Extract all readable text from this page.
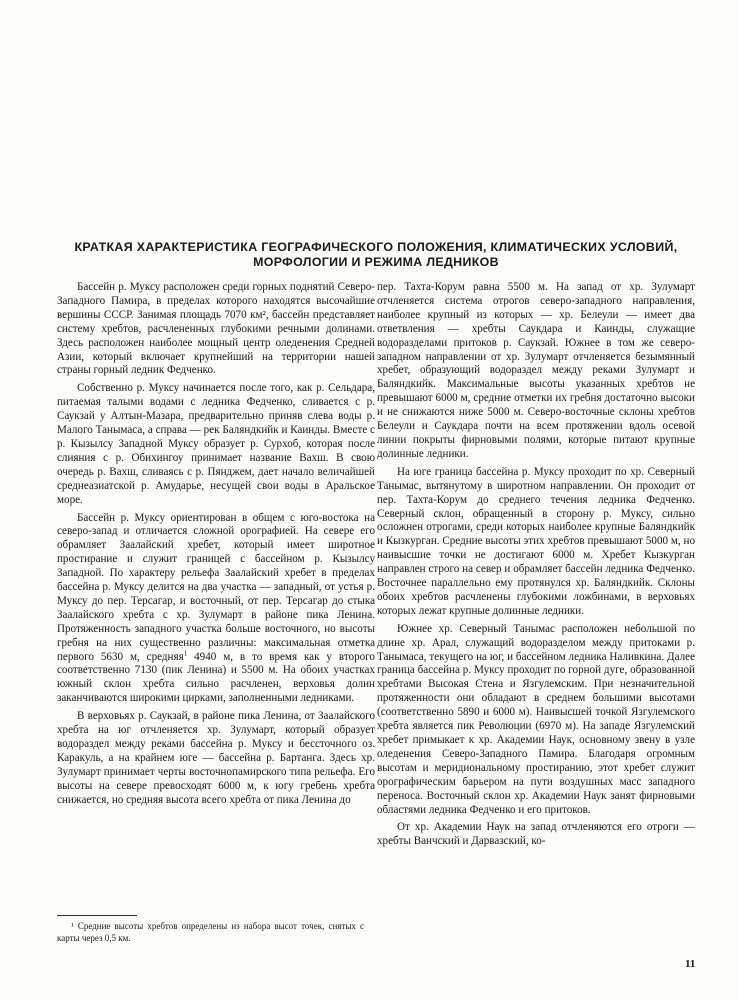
КРАТКАЯ ХАРАКТЕРИСТИКА ГЕОГРАФИЧЕСКОГО ПОЛОЖЕНИЯ, КЛИМАТИЧЕСКИХ УСЛОВИЙ, МОРФОЛОГИИ И РЕЖИМА ЛЕДНИКОВ

Бассейн р. Муксу расположен среди горных поднятий Северо-Западного Памира, в пределах которого находятся высочайшие вершины СССР. Занимая площадь 7070 км², бассейн представляет систему хребтов, расчлененных глубокими речными долинами. Здесь расположен наиболее мощный центр оледенения Средней Азии, который включает крупнейший на территории нашей страны горный ледник Федченко.

Собственно р. Муксу начинается после того, как р. Сельдара, питаемая талыми водами с ледника Федченко, сливается с р. Саукзай у Алтын-Мазара, предварительно приняв слева воды р. Малого Танымаса, а справа — рек Баляндкийк и Каинды. Вместе с р. Кызылсу Западной Муксу образует р. Сурхоб, которая после слияния с р. Обихингоу принимает название Вахш. В свою очередь р. Вахш, сливаясь с р. Пянджем, дает начало величайшей среднеазиатской р. Амударье, несущей свои воды в Аральское море.

Бассейн р. Муксу ориентирован в общем с юго-востока на северо-запад и отличается сложной орографией. На севере его обрамляет Заалайский хребет, который имеет широтное простирание и служит границей с бассейном р. Кызылсу Западной. По характеру рельефа Заалайский хребет в пределах бассейна р. Муксу делится на два участка — западный, от устья р. Муксу до пер. Терсагар, и восточный, от пер. Терсагар до стыка Заалайского хребта с хр. Зулумарт в районе пика Ленина. Протяженность западного участка больше восточного, но высоты гребня на них существенно различны: максимальная отметка первого 5630 м, средняя$^1$ 4940 м, в то время как у второго соответственно 7130 (пик Ленина) и 5500 м. На обоих участках южный склон хребта сильно расчленен, верховья долин заканчиваются широкими цирками, заполненными ледниками.

В верховьях р. Саукзай, в районе пика Ленина, от Заалайского хребта на юг отчленяется хр. Зулумарт, который образует водораздел между реками бассейна р. Муксу и бессточного оз. Каракуль, а на крайнем юге — бассейна р. Бартанга. Здесь хр. Зулумарт принимает черты восточнопамирского типа рельефа. Его высоты на севере превосходят 6000 м, к югу гребень хребта снижается, но средняя высота всего хребта от пика Ленина до

пер. Тахта-Корум равна 5500 м. На запад от хр. Зулумарт отчленяется система отрогов северо-западного направления, наиболее крупный из которых — хр. Белеули — имеет два ответвления — хребты Саукдара и Каинды, служащие водоразделами притоков р. Саукзай. Южнее в том же северо-западном направлении от хр. Зулумарт отчленяется безымянный хребет, образующий водораздел между реками Зулумарт и Баляндкийк. Максимальные высоты указанных хребтов не превышают 6000 м, средние отметки их гребня достаточно высоки и не снижаются ниже 5000 м. Северо-восточные склоны хребтов Белеули и Саукдара почти на всем протяжении вдоль осевой линии покрыты фирновыми полями, которые питают крупные долинные ледники.

На юге граница бассейна р. Муксу проходит по хр. Северный Танымас, вытянутому в широтном направлении. Он проходит от пер. Тахта-Корум до среднего течения ледника Федченко. Северный склон, обращенный в сторону р. Муксу, сильно осложнен отрогами, среди которых наиболее крупные Баляндкийк и Кызкурган. Средние высоты этих хребтов превышают 5000 м, но наивысшие точки не достигают 6000 м. Хребет Кызкурган направлен строго на север и обрамляет бассейн ледника Федченко. Восточнее параллельно ему протянулся хр. Баляндкийк. Склоны обоих хребтов расчленены глубокими ложбинами, в верховьях которых лежат крупные долинные ледники.

Южнее хр. Северный Танымас расположен небольшой по длине хр. Арал, служащий водоразделом между притоками р. Танымаса, текущего на юг, и бассейном ледника Наливкина. Далее граница бассейна р. Муксу проходит по горной дуге, образованной хребтами Высокая Стена и Язгулемским. При незначительной протяженности они обладают в среднем большими высотами (соответственно 5890 и 6000 м). Наивысшей точкой Язгулемского хребта является пик Революции (6970 м). На западе Язгулемский хребет примыкает к хр. Академии Наук, основному звену в узле оледенения Северо-Западного Памира. Благодаря огромным высотам и меридиональному простиранию, этот хребет служит орографическим барьером на пути воздушных масс западного переноса. Восточный склон хр. Академии Наук занят фирновыми областями ледника Федченко и его притоков.

От хр. Академии Наук на запад отчленяются его отроги — хребты Ванчский и Дарвазский, ко-

¹ Средние высоты хребтов определены из набора высот точек, снятых с карты через 0,5 км.

11
